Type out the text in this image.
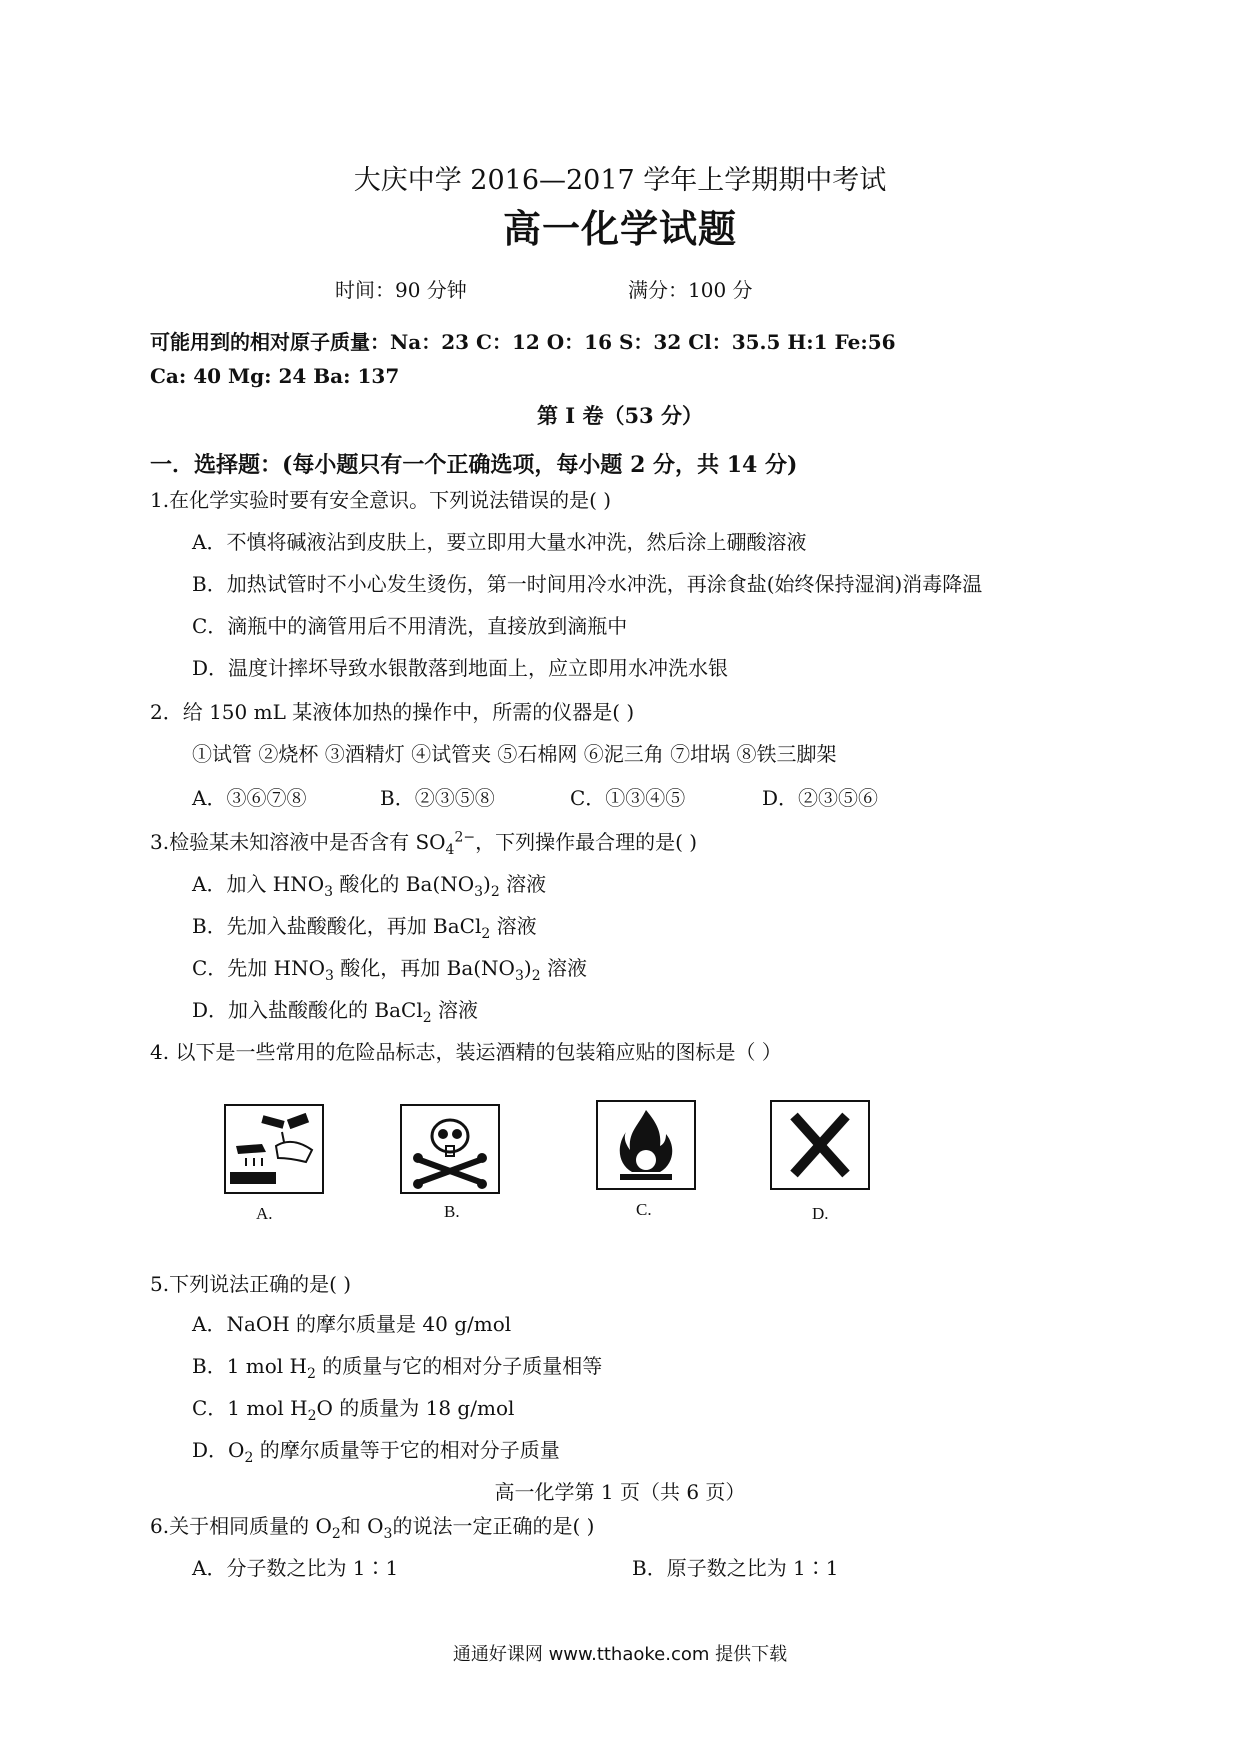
大庆中学 2016—2017 学年上学期期中考试
高一化学试题
时间：90 分钟	满分：100 分
可能用到的相对原子质量：Na：23 C：12 O：16 S：32 Cl：35.5 H:1 Fe:56
Ca: 40 Mg: 24 Ba: 137
第 I 卷（53 分）
一．选择题：(每小题只有一个正确选项，每小题 2 分，共 14 分)
1.在化学实验时要有安全意识。下列说法错误的是( )
A．不慎将碱液沾到皮肤上，要立即用大量水冲洗，然后涂上硼酸溶液
B．加热试管时不小心发生烫伤，第一时间用冷水冲洗，再涂食盐(始终保持湿润)消毒降温
C．滴瓶中的滴管用后不用清洗，直接放到滴瓶中
D．温度计摔坏导致水银散落到地面上，应立即用水冲洗水银
2．给 150 mL 某液体加热的操作中，所需的仪器是( )
①试管 ②烧杯 ③酒精灯 ④试管夹 ⑤石棉网 ⑥泥三角 ⑦坩埚 ⑧铁三脚架
A．③⑥⑦⑧	B．②③⑤⑧	C．①③④⑤	D．②③⑤⑥
3.检验某未知溶液中是否含有 $SO_4^{2-}$，下列操作最合理的是( )
A．加入 $HNO_3$ 酸化的 $Ba(NO_3)_2$ 溶液
B．先加入盐酸酸化，再加 BaCl$_2$ 溶液
C．先加 $HNO_3$ 酸化，再加 $Ba(NO_3)_2$ 溶液
D．加入盐酸酸化的 BaCl$_2$ 溶液
4. 以下是一些常用的危险品标志，装运酒精的包装箱应贴的图标是（ ）
A.	B.	C.	D.
5.下列说法正确的是( )
A．NaOH 的摩尔质量是 40 g/mol
B．1 mol $H_2$ 的质量与它的相对分子质量相等
C．1 mol $H_2O$ 的质量为 18 g/mol
D．$O_2$ 的摩尔质量等于它的相对分子质量
高一化学第 1 页（共 6 页）
6.关于相同质量的 $O_2$和 $O_3$的说法一定正确的是( )
A．分子数之比为 1∶1	B．原子数之比为 1∶1
通通好课网 www.tthaoke.com 提供下载
